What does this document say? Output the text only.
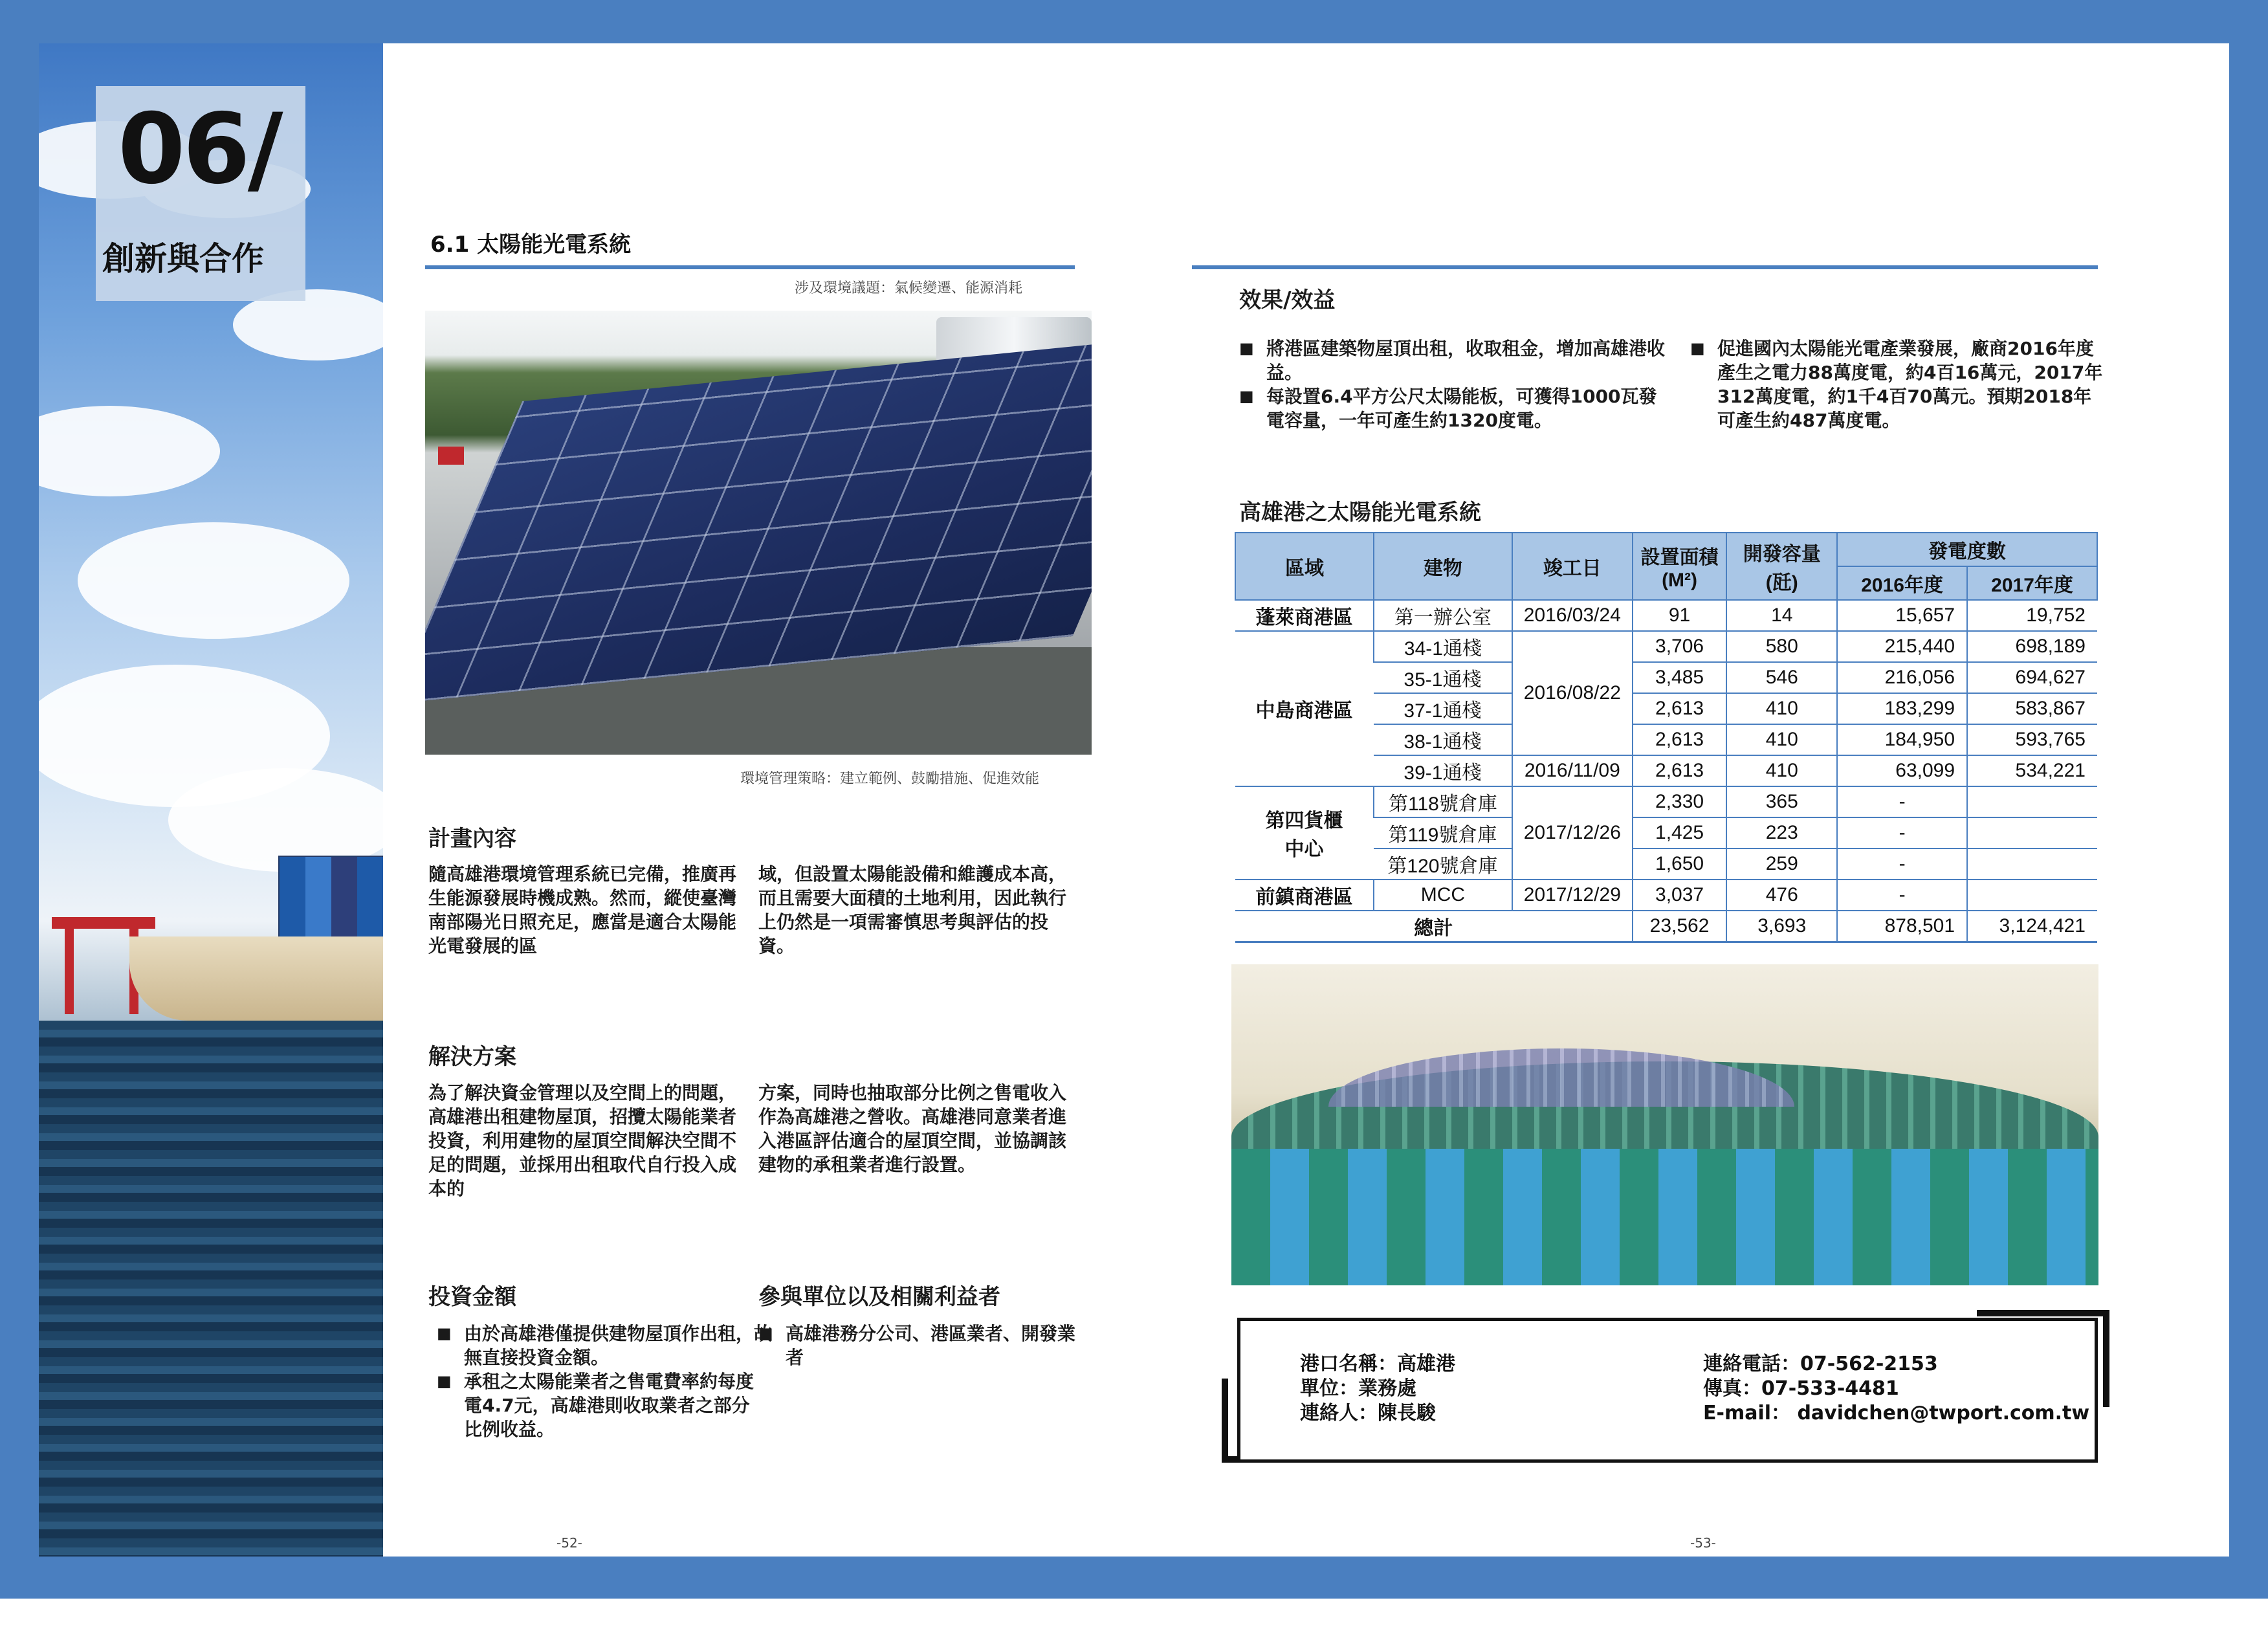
06/
創新與合作	6.1 太陽能光電系統
涉及環境議題：氣候變遷、能源消耗
環境管理策略：建立範例、鼓勵措施、促進效能
計畫內容
隨高雄港環境管理系統已完備，推廣再生能源發展時機成熟。然而，縱使臺灣南部陽光日照充足，應當是適合太陽能光電發展的區
域，但設置太陽能設備和維護成本高，而且需要大面積的土地利用，因此執行上仍然是一項需審慎思考與評估的投資。
解決方案
為了解決資金管理以及空間上的問題，高雄港出租建物屋頂，招攬太陽能業者投資，利用建物的屋頂空間解決空間不足的問題，並採用出租取代自行投入成本的
方案，同時也抽取部分比例之售電收入作為高雄港之營收。高雄港同意業者進入港區評估適合的屋頂空間，並協調該建物的承租業者進行設置。
投資金額
■ 由於高雄港僅提供建物屋頂作出租，故無直接投資金額。
■ 承租之太陽能業者之售電費率約每度電4.7元，高雄港則收取業者之部分比例收益。
參與單位以及相關利益者
■ 高雄港務分公司、港區業者、開發業者
-52-
效果/效益
■ 將港區建築物屋頂出租，收取租金，增加高雄港收益。
■ 每設置6.4平方公尺太陽能板，可獲得1000瓦發電容量，一年可產生約1320度電。
■ 促進國內太陽能光電產業發展，廠商2016年度產生之電力88萬度電，約4百16萬元，2017年312萬度電，約1千4百70萬元。預期2018年可產生約487萬度電。
高雄港之太陽能光電系統
區域	建物	竣工日	設置面積
(M²)	開發容量
(瓩)	發電度數	
					2016年度	2017年度
蓬萊商港區	第一辦公室	2016/03/24	91	14	15,657	19,752
中島商港區	34-1通棧	2016/08/22	3,706	580	215,440	698,189
	35-1通棧		3,485	546	216,056	694,627
	37-1通棧		2,613	410	183,299	583,867
	38-1通棧		2,613	410	184,950	593,765
	39-1通棧	2016/11/09	2,613	410	63,099	534,221
第四貨櫃
中心	第118號倉庫	2017/12/26	2,330	365	-	
	第119號倉庫		1,425	223	-	
	第120號倉庫		1,650	259	-	
前鎮商港區	MCC	2017/12/29	3,037	476	-	
總計			23,562	3,693	878,501	3,124,421
港口名稱：高雄港
單位：業務處
連絡人：陳長駿
連絡電話：07-562-2153
傳真：07-533-4481
E-mail： davidchen@twport.com.tw
-53-
